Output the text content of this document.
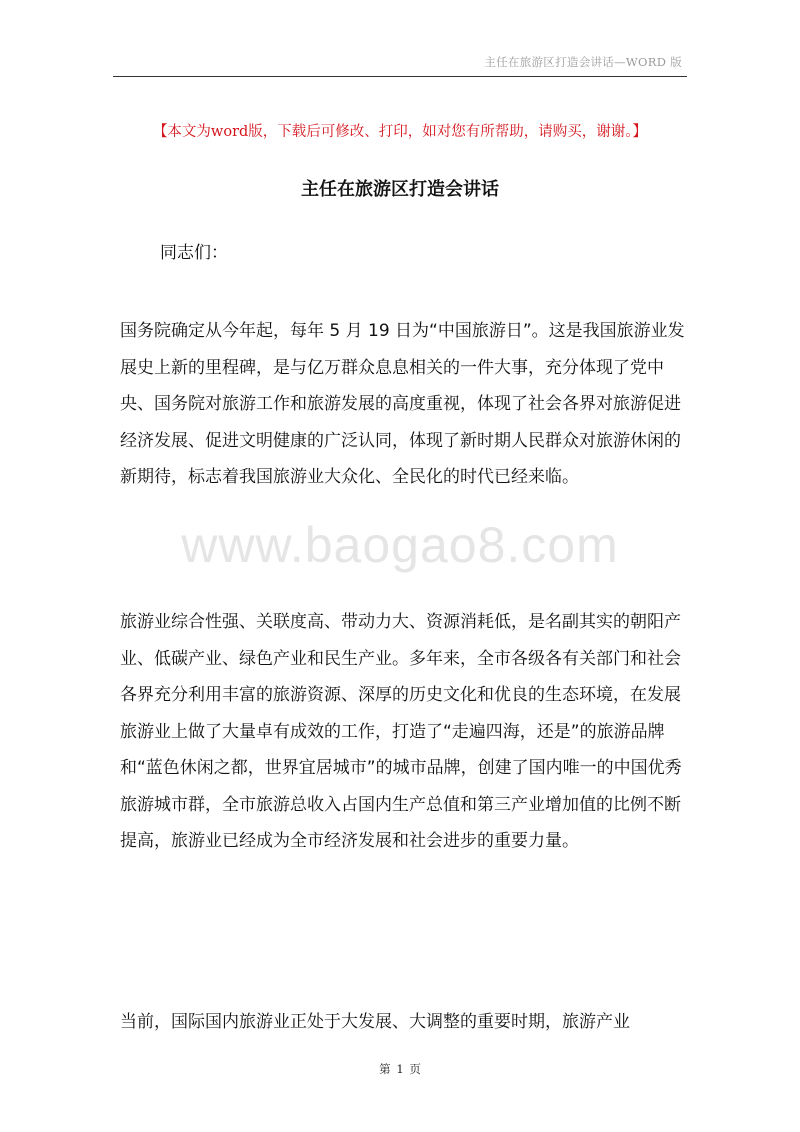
主任在旅游区打造会讲话—WORD 版
【本文为word版，下载后可修改、打印，如对您有所帮助，请购买，谢谢。】
主任在旅游区打造会讲话
同志们：

国务院确定从今年起，每年 5 月 19 日为“中国旅游日”。这是我国旅游业发展史上新的里程碑，是与亿万群众息息相关的一件大事，充分体现了党中央、国务院对旅游工作和旅游发展的高度重视，体现了社会各界对旅游促进经济发展、促进文明健康的广泛认同，体现了新时期人民群众对旅游休闲的新期待，标志着我国旅游业大众化、全民化的时代已经来临。

旅游业综合性强、关联度高、带动力大、资源消耗低，是名副其实的朝阳产业、低碳产业、绿色产业和民生产业。多年来，全市各级各有关部门和社会各界充分利用丰富的旅游资源、深厚的历史文化和优良的生态环境，在发展旅游业上做了大量卓有成效的工作，打造了“走遍四海，还是”的旅游品牌和“蓝色休闲之都，世界宜居城市”的城市品牌，创建了国内唯一的中国优秀旅游城市群，全市旅游总收入占国内生产总值和第三产业增加值的比例不断提高，旅游业已经成为全市经济发展和社会进步的重要力量。

当前，国际国内旅游业正处于大发展、大调整的重要时期，旅游产业

www.baogao8.com
第 1 页
